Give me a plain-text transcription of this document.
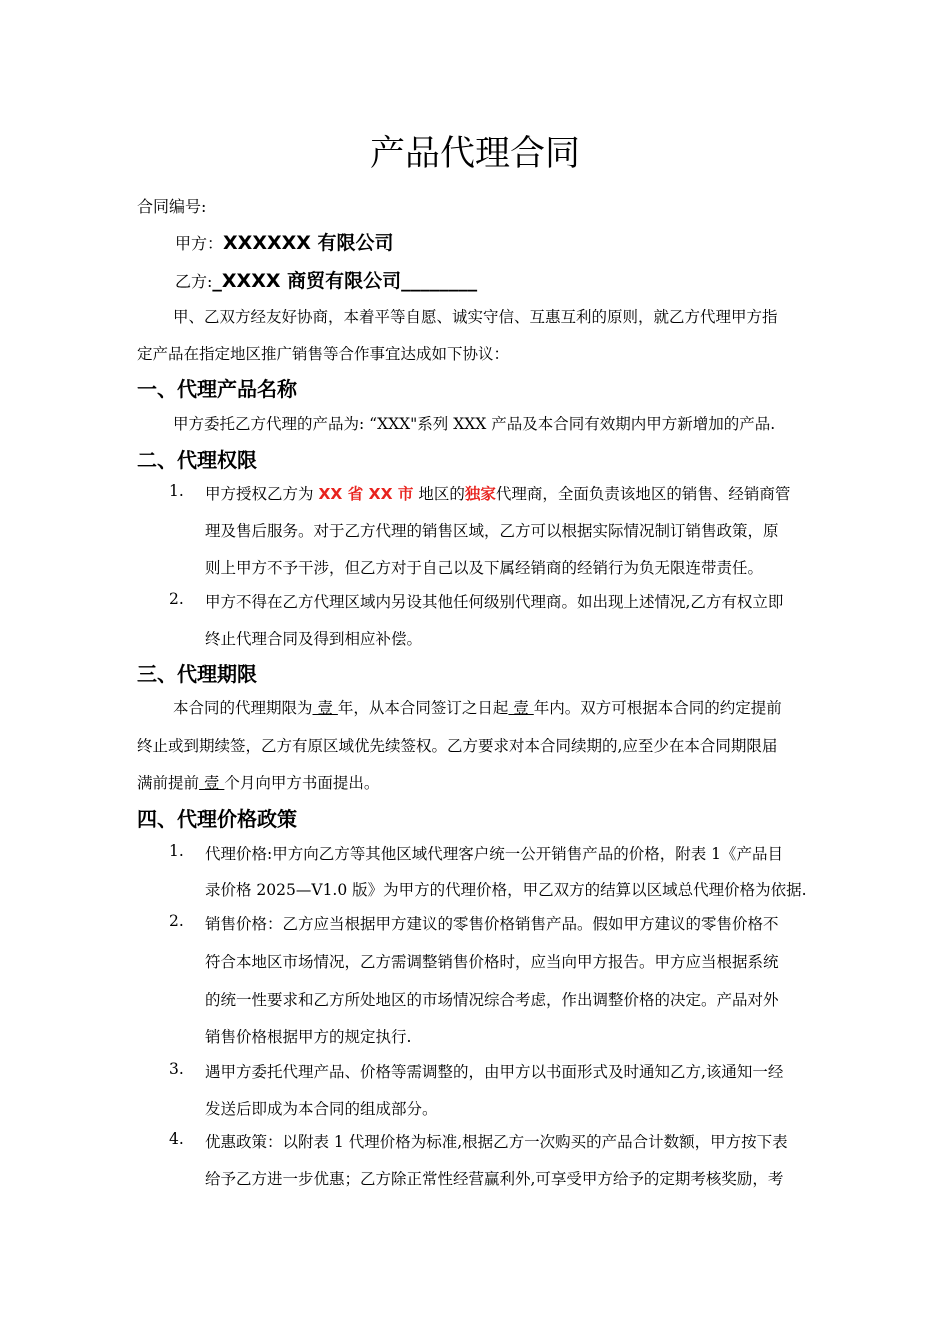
产品代理合同
合同编号:
甲方：XXXXXX 有限公司
乙方:_XXXX 商贸有限公司________
甲、乙双方经友好协商，本着平等自愿、诚实守信、互惠互利的原则，就乙方代理甲方指
定产品在指定地区推广销售等合作事宜达成如下协议：
一、代理产品名称
甲方委托乙方代理的产品为: “XXX"系列 XXX 产品及本合同有效期内甲方新增加的产品.
二、代理权限
1. 甲方授权乙方为 XX 省 XX 市 地区的独家代理商，全面负责该地区的销售、经销商管
理及售后服务。对于乙方代理的销售区域，乙方可以根据实际情况制订销售政策，原
则上甲方不予干涉，但乙方对于自己以及下属经销商的经销行为负无限连带责任。
2. 甲方不得在乙方代理区域内另设其他任何级别代理商。如出现上述情况,乙方有权立即
终止代理合同及得到相应补偿。
三、代理期限
本合同的代理期限为 壹 年，从本合同签订之日起 壹 年内。双方可根据本合同的约定提前
终止或到期续签，乙方有原区域优先续签权。乙方要求对本合同续期的,应至少在本合同期限届
满前提前 壹 个月向甲方书面提出。
四、代理价格政策
1. 代理价格:甲方向乙方等其他区域代理客户统一公开销售产品的价格，附表 1《产品目
录价格 2025—V1.0 版》为甲方的代理价格，甲乙双方的结算以区域总代理价格为依据.
2. 销售价格：乙方应当根据甲方建议的零售价格销售产品。假如甲方建议的零售价格不
符合本地区市场情况，乙方需调整销售价格时，应当向甲方报告。甲方应当根据系统
的统一性要求和乙方所处地区的市场情况综合考虑，作出调整价格的决定。产品对外
销售价格根据甲方的规定执行.
3. 遇甲方委托代理产品、价格等需调整的，由甲方以书面形式及时通知乙方,该通知一经
发送后即成为本合同的组成部分。
4. 优惠政策：以附表 1 代理价格为标准,根据乙方一次购买的产品合计数额，甲方按下表
给予乙方进一步优惠；乙方除正常性经营赢利外,可享受甲方给予的定期考核奖励，考
